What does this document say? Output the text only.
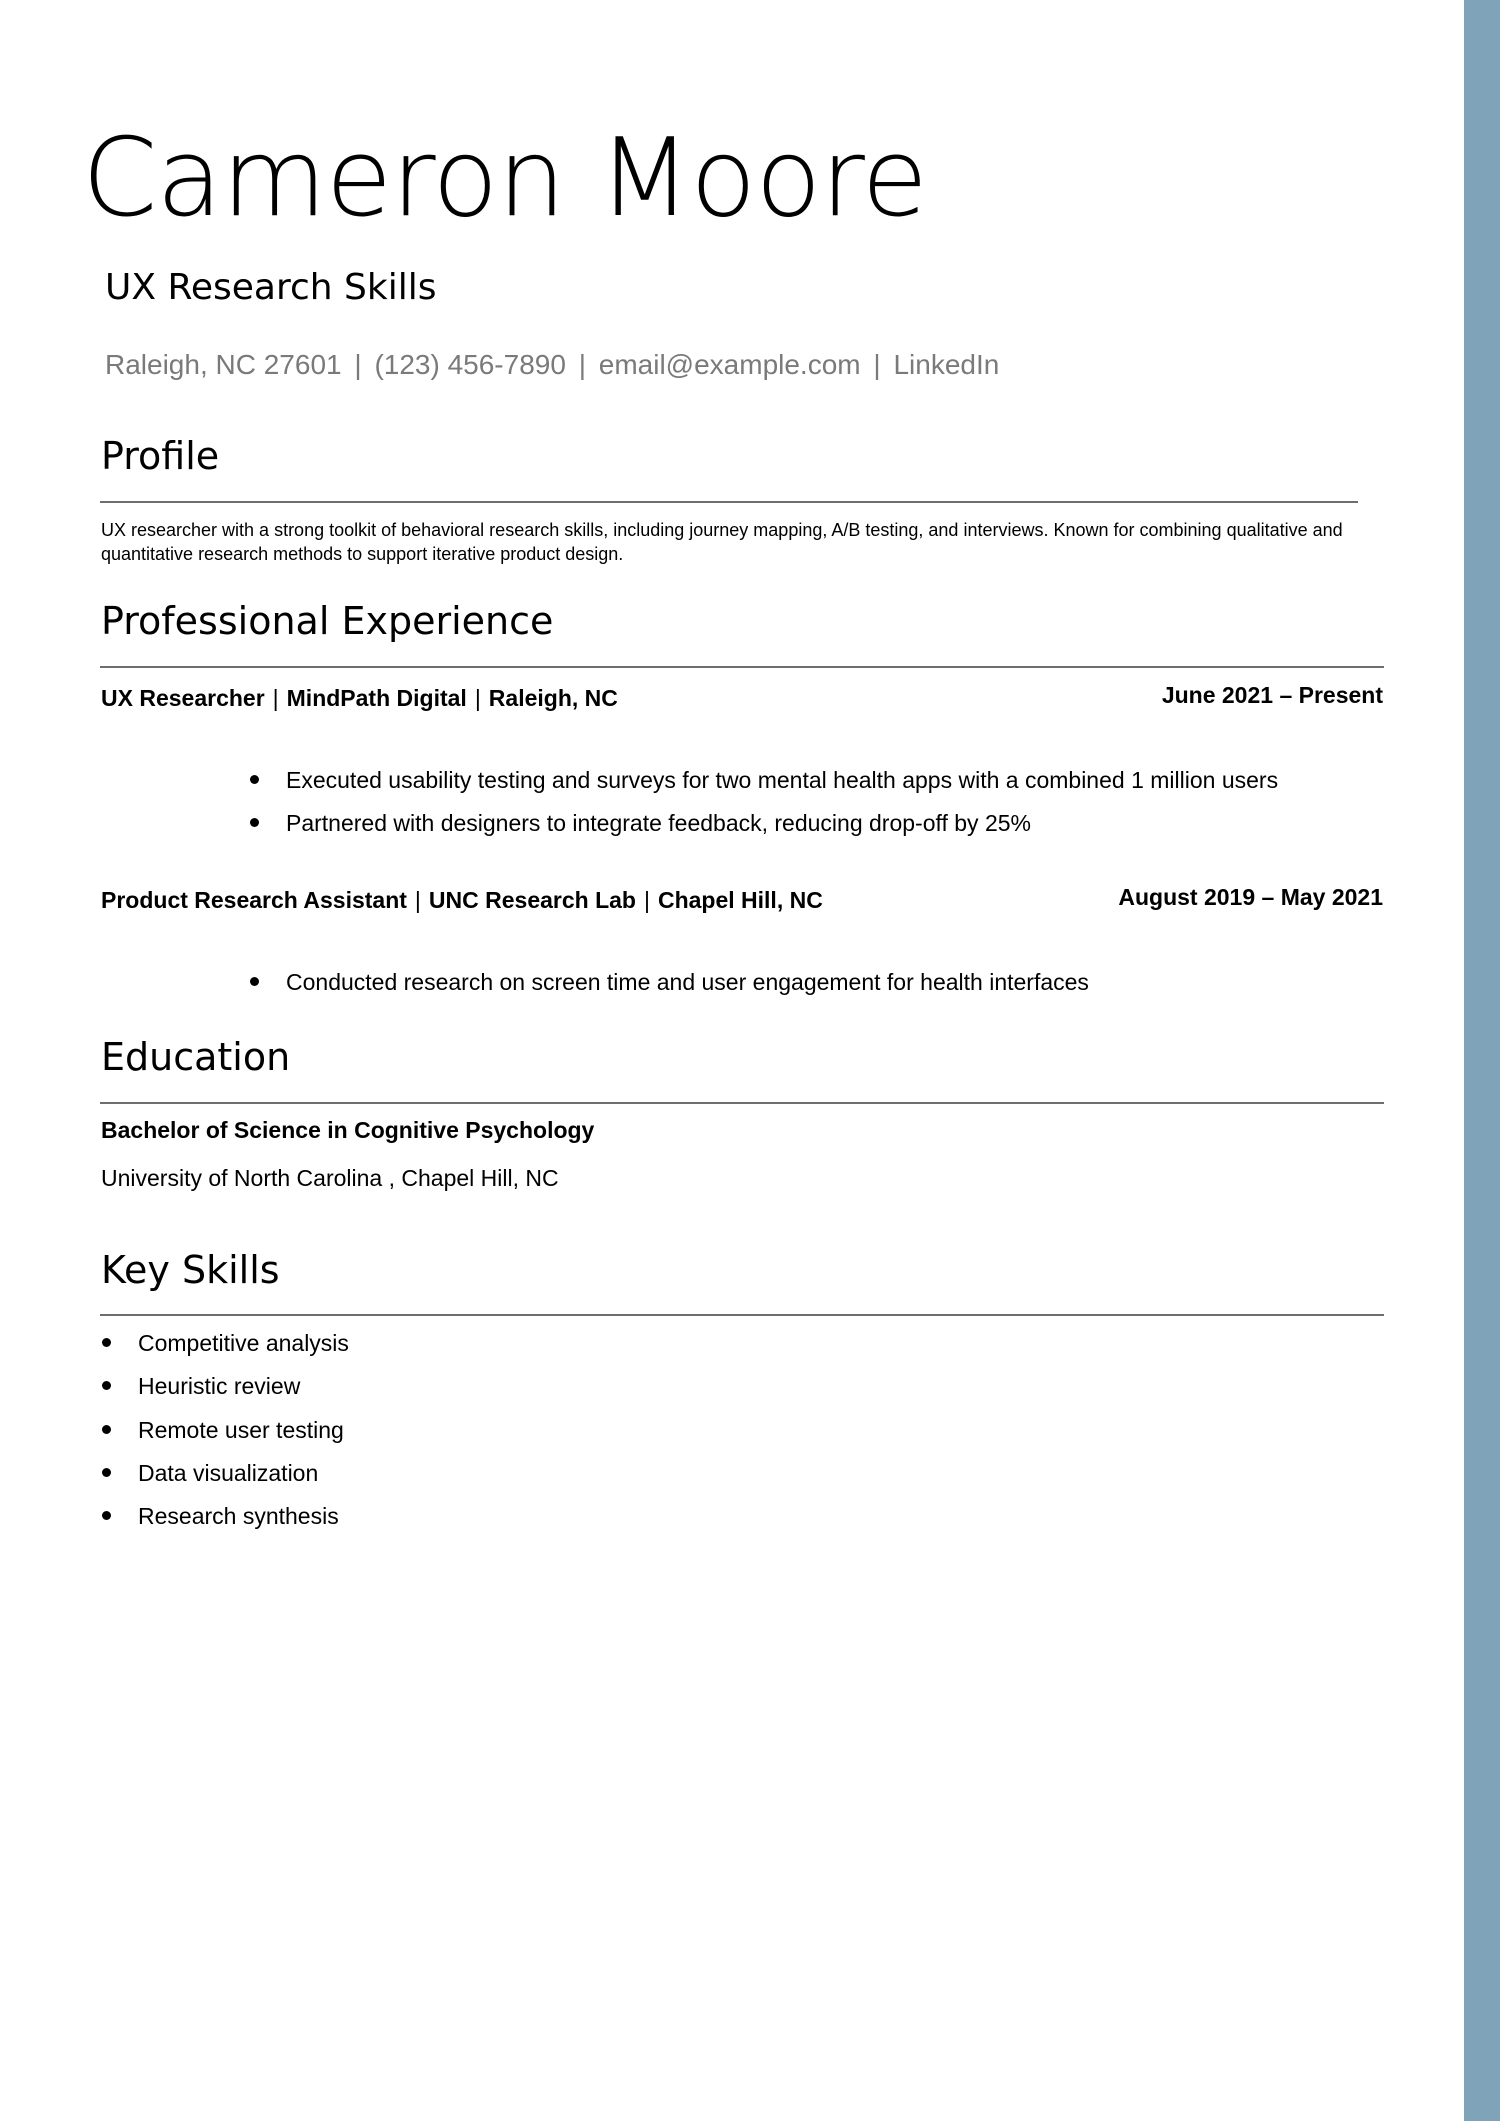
Cameron Moore
UX Research Skills
Raleigh, NC 27601 | (123) 456-7890 | email@example.com | LinkedIn
Profile
UX researcher with a strong toolkit of behavioral research skills, including journey mapping, A/B testing, and interviews. Known for combining qualitative and quantitative research methods to support iterative product design.
Professional Experience
UX Researcher | MindPath Digital | Raleigh, NC	June 2021 – Present
Executed usability testing and surveys for two mental health apps with a combined 1 million users
Partnered with designers to integrate feedback, reducing drop-off by 25%
Product Research Assistant | UNC Research Lab | Chapel Hill, NC	August 2019 – May 2021
Conducted research on screen time and user engagement for health interfaces
Education
Bachelor of Science in Cognitive Psychology
University of North Carolina , Chapel Hill, NC
Key Skills
Competitive analysis
Heuristic review
Remote user testing
Data visualization
Research synthesis
